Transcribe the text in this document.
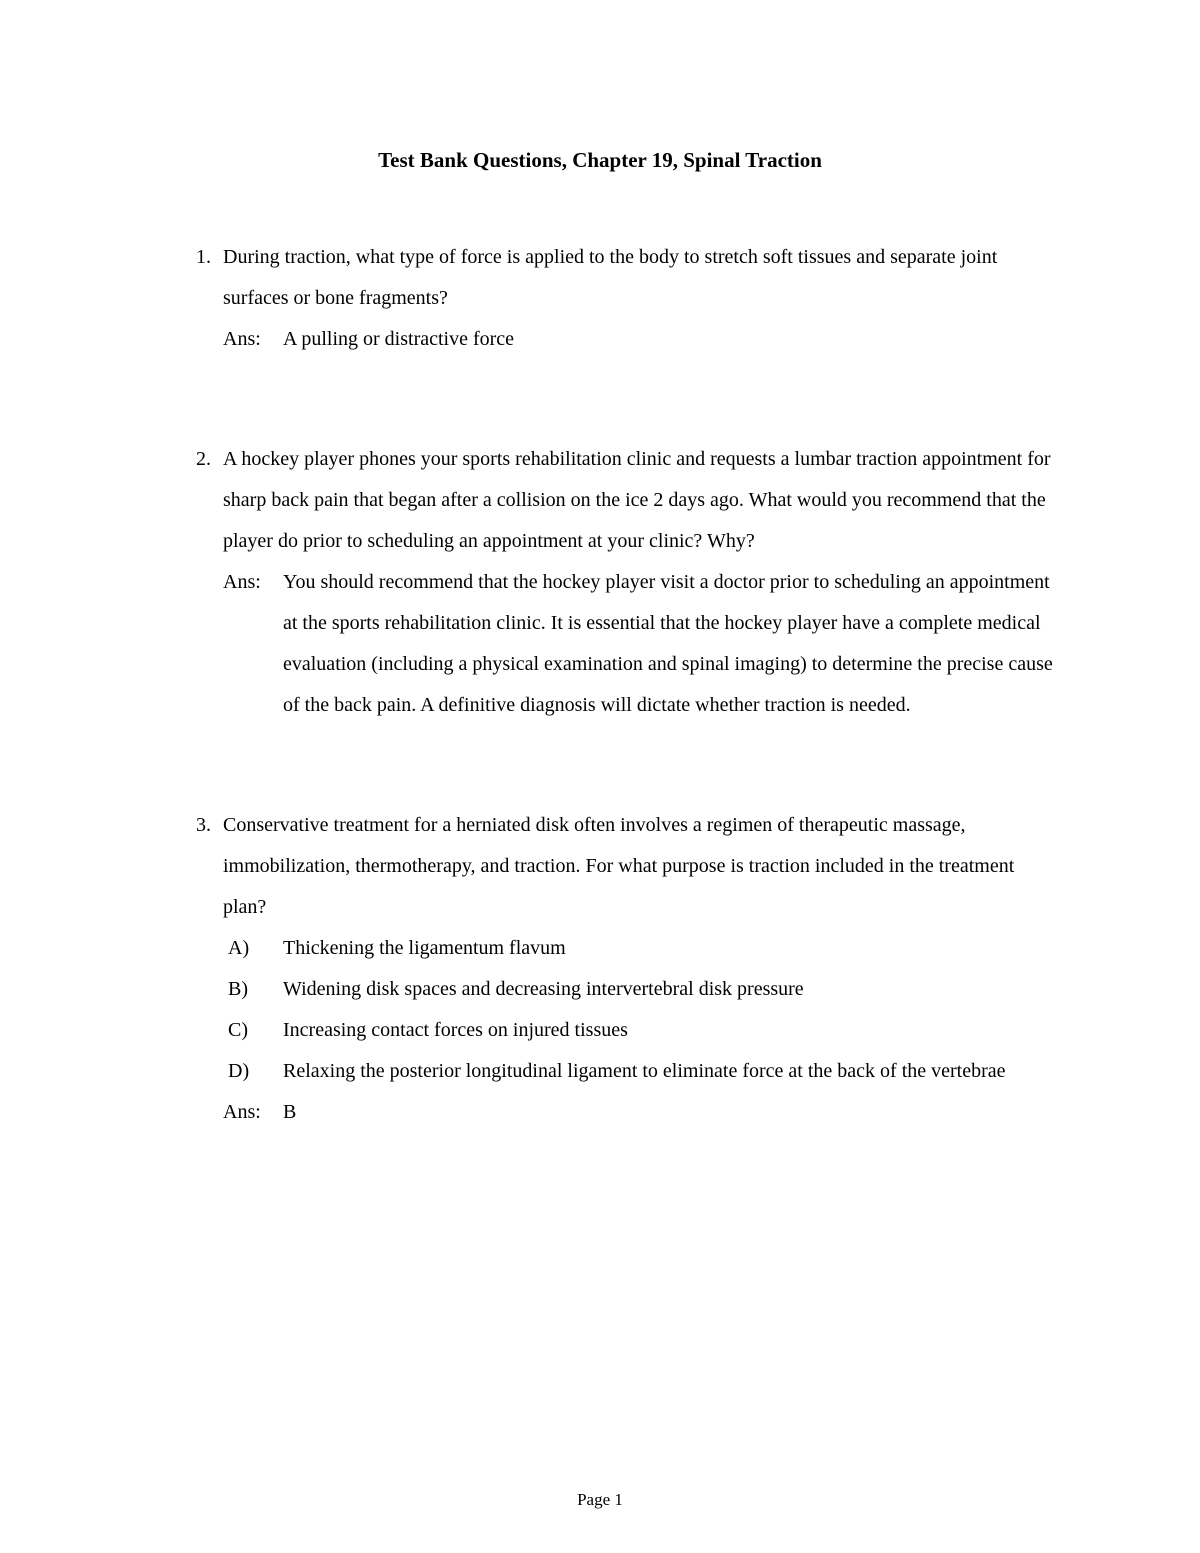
Test Bank Questions, Chapter 19, Spinal Traction
1. During traction, what type of force is applied to the body to stretch soft tissues and separate joint surfaces or bone fragments?
Ans:	A pulling or distractive force
2. A hockey player phones your sports rehabilitation clinic and requests a lumbar traction appointment for sharp back pain that began after a collision on the ice 2 days ago. What would you recommend that the player do prior to scheduling an appointment at your clinic? Why?
Ans:	You should recommend that the hockey player visit a doctor prior to scheduling an appointment at the sports rehabilitation clinic. It is essential that the hockey player have a complete medical evaluation (including a physical examination and spinal imaging) to determine the precise cause of the back pain. A definitive diagnosis will dictate whether traction is needed.
3. Conservative treatment for a herniated disk often involves a regimen of therapeutic massage, immobilization, thermotherapy, and traction. For what purpose is traction included in the treatment plan?
A)	Thickening the ligamentum flavum
B)	Widening disk spaces and decreasing intervertebral disk pressure
C)	Increasing contact forces on injured tissues
D)	Relaxing the posterior longitudinal ligament to eliminate force at the back of the vertebrae
Ans:	B
Page 1
